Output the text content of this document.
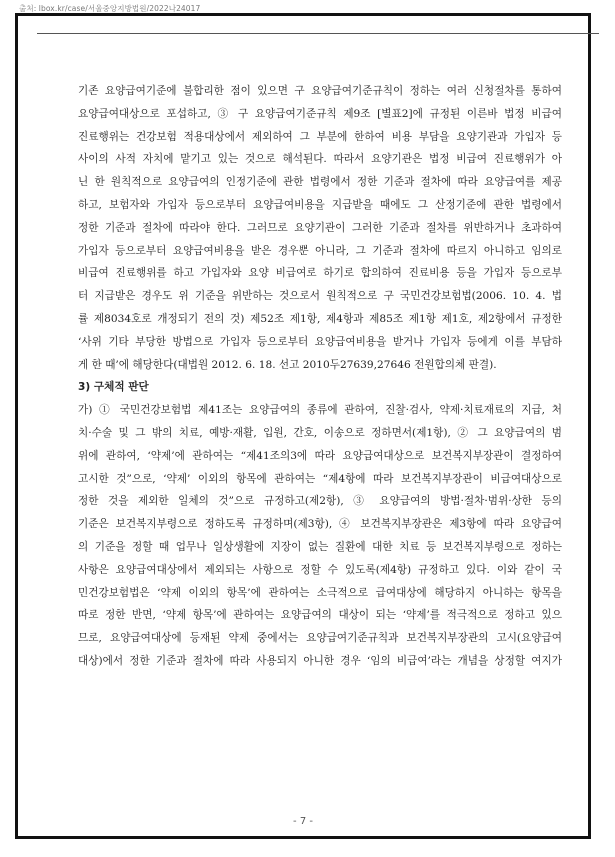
출처: lbox.kr/case/서울중앙지방법원/2022나24017
기존 요양급여기준에 불합리한 점이 있으면 구 요양급여기준규칙이 정하는 여러 신청절차를 통하여
요양급여대상으로 포섭하고, ③ 구 요양급여기준규칙 제9조 [별표2]에 규정된 이른바 법정 비급여
진료행위는 건강보험 적용대상에서 제외하여 그 부분에 한하여 비용 부담을 요양기관과 가입자 등
사이의 사적 자치에 맡기고 있는 것으로 해석된다. 따라서 요양기관은 법정 비급여 진료행위가 아
닌 한 원칙적으로 요양급여의 인정기준에 관한 법령에서 정한 기준과 절차에 따라 요양급여를 제공
하고, 보험자와 가입자 등으로부터 요양급여비용을 지급받을 때에도 그 산정기준에 관한 법령에서
정한 기준과 절차에 따라야 한다. 그러므로 요양기관이 그러한 기준과 절차를 위반하거나 초과하여
가입자 등으로부터 요양급여비용을 받은 경우뿐 아니라, 그 기준과 절차에 따르지 아니하고 임의로
비급여 진료행위를 하고 가입자와 요양 비급여로 하기로 합의하여 진료비용 등을 가입자 등으로부
터 지급받은 경우도 위 기준을 위반하는 것으로서 원칙적으로 구 국민건강보험법(2006. 10. 4. 법
률 제8034호로 개정되기 전의 것) 제52조 제1항, 제4항과 제85조 제1항 제1호, 제2항에서 규정한
‘사위 기타 부당한 방법으로 가입자 등으로부터 요양급여비용을 받거나 가입자 등에게 이를 부담하
게 한 때’에 해당한다(대법원 2012. 6. 18. 선고 2010두27639,27646 전원합의체 판결).
3) 구체적 판단
가) ① 국민건강보험법 제41조는 요양급여의 종류에 관하여, 진찰·검사, 약제·치료재료의 지급, 처
치·수술 및 그 밖의 치료, 예방·재활, 입원, 간호, 이송으로 정하면서(제1항), ② 그 요양급여의 범
위에 관하여, ‘약제’에 관하여는 “제41조의3에 따라 요양급여대상으로 보건복지부장관이 결정하여
고시한 것”으로, ‘약제’ 이외의 항목에 관하여는 “제4항에 따라 보건복지부장관이 비급여대상으로
정한 것을 제외한 일체의 것”으로 규정하고(제2항), ③ 요양급여의 방법·절차·범위·상한 등의
기준은 보건복지부령으로 정하도록 규정하며(제3항), ④ 보건복지부장관은 제3항에 따라 요양급여
의 기준을 정할 때 업무나 일상생활에 지장이 없는 질환에 대한 치료 등 보건복지부령으로 정하는
사항은 요양급여대상에서 제외되는 사항으로 정할 수 있도록(제4항) 규정하고 있다. 이와 같이 국
민건강보험법은 ‘약제 이외의 항목’에 관하여는 소극적으로 급여대상에 해당하지 아니하는 항목을
따로 정한 반면, ‘약제 항목’에 관하여는 요양급여의 대상이 되는 ‘약제’를 적극적으로 정하고 있으
므로, 요양급여대상에 등재된 약제 중에서는 요양급여기준규칙과 보건복지부장관의 고시(요양급여
대상)에서 정한 기준과 절차에 따라 사용되지 아니한 경우 ‘임의 비급여’라는 개념을 상정할 여지가
- 7 -
